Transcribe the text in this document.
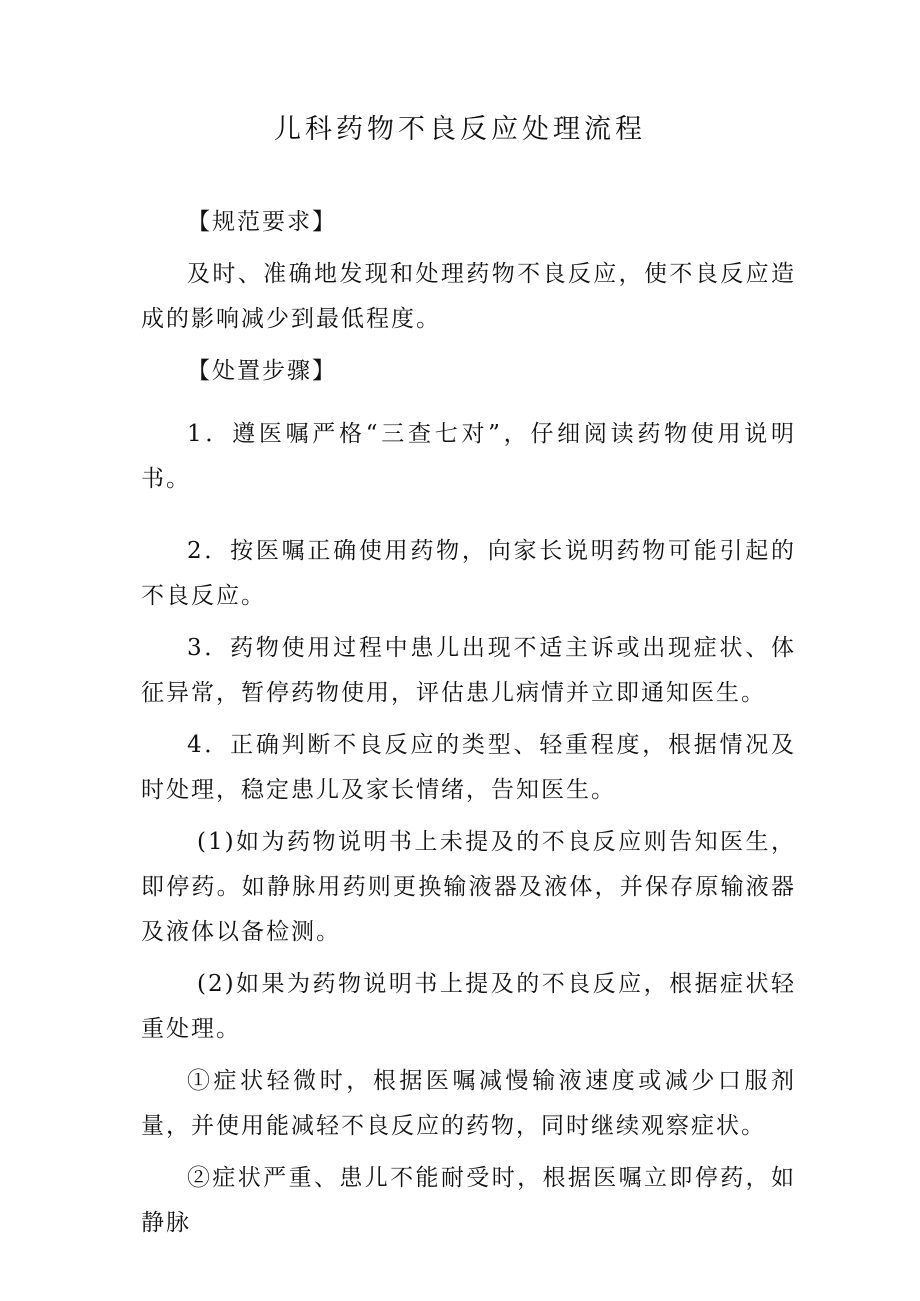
儿科药物不良反应处理流程

【规范要求】

及时、准确地发现和处理药物不良反应，使不良反应造成的影响减少到最低程度。

【处置步骤】

1．遵医嘱严格“三查七对”，仔细阅读药物使用说明书。

2．按医嘱正确使用药物，向家长说明药物可能引起的不良反应。

3．药物使用过程中患儿出现不适主诉或出现症状、体征异常，暂停药物使用，评估患儿病情并立即通知医生。

4．正确判断不良反应的类型、轻重程度，根据情况及时处理，稳定患儿及家长情绪，告知医生。

(1)如为药物说明书上未提及的不良反应则告知医生，即停药。如静脉用药则更换输液器及液体，并保存原输液器及液体以备检测。

(2)如果为药物说明书上提及的不良反应，根据症状轻重处理。

①症状轻微时，根据医嘱减慢输液速度或减少口服剂量，并使用能减轻不良反应的药物，同时继续观察症状。

②症状严重、患儿不能耐受时，根据医嘱立即停药，如静脉
